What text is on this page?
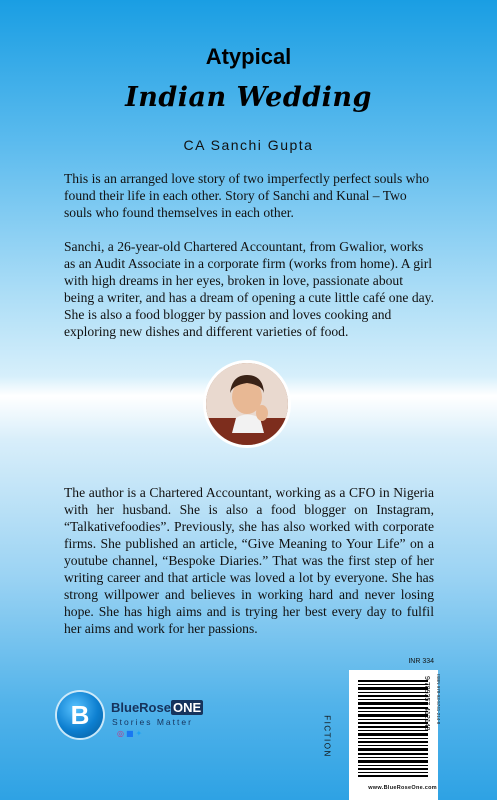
Atypical
Indian Wedding
CA Sanchi Gupta

This is an arranged love story of two imperfectly perfect souls who found their life in each other. Story of Sanchi and Kunal – Two souls who found themselves in each other.

Sanchi, a 26-year-old Chartered Accountant, from Gwalior, works as an Audit Associate in a corporate firm (works from home). A girl with high dreams in her eyes, broken in love, passionate about being a writer, and has a dream of opening a cute little café one day. She is also a food blogger by passion and loves cooking and exploring new dishes and different varieties of food.

The author is a Chartered Accountant, working as a CFO in Nigeria with her husband. She is also a food blogger on Instagram, “Talkativefoodies”. Previously, she has also worked with corporate firms. She published an article, “Give Meaning to Your Life” on a youtube channel, “Bespoke Diaries.” That was the first step of her writing career and that article was loved a lot by everyone. She has strong willpower and believes in working hard and never losing hope. She has high aims and is trying her best every day to fulfil her aims and work for her passions.

INR 334
B	BlueRose ONE
Stories Matter
◎ ■ ✦	FICTION
ISBN 978-93-5741-214-8
9 789357 412148
www.BlueRoseOne.com
